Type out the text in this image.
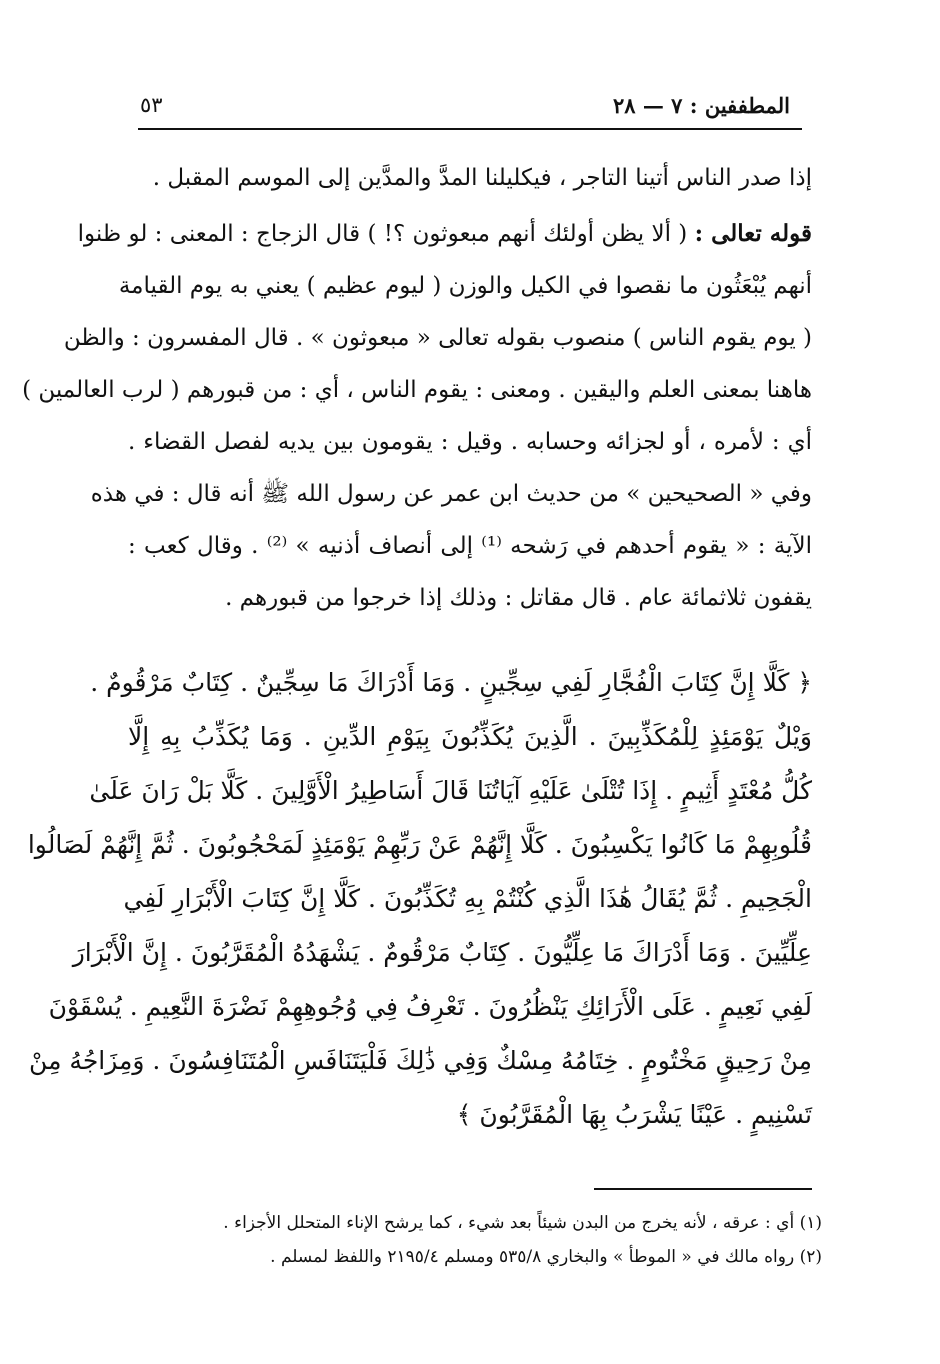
المطففين : ٧ — ٢٨
٥٣
إذا صدر الناس أتينا التاجر ، فيكليلنا المدَّ والمدَّين إلى الموسم المقبل .
قوله تعالى : ( ألا يظن أولئك أنهم مبعوثون ؟! ) قال الزجاج : المعنى : لو ظنوا
أنهم يُبْعَثُون ما نقصوا في الكيل والوزن ( ليوم عظيم ) يعني به يوم القيامة
( يوم يقوم الناس ) منصوب بقوله تعالى « مبعوثون » . قال المفسرون : والظن
هاهنا بمعنى العلم واليقين . ومعنى : يقوم الناس ، أي : من قبورهم ( لرب العالمين )
أي : لأمره ، أو لجزائه وحسابه . وقيل : يقومون بين يديه لفصل القضاء .
وفي « الصحيحين » من حديث ابن عمر عن رسول الله ﷺ أنه قال : في هذه
الآية : « يقوم أحدهم في رَشحه ⁽¹⁾ إلى أنصاف أذنيه » ⁽²⁾ . وقال كعب :
يقفون ثلاثمائة عام . قال مقاتل : وذلك إذا خرجوا من قبورهم .
﴿ كَلَّا إِنَّ كِتَابَ الْفُجَّارِ لَفِي سِجِّينٍ . وَمَا أَدْرَاكَ مَا سِجِّينٌ . كِتَابٌ مَرْقُومٌ .
وَيْلٌ يَوْمَئِذٍ لِلْمُكَذِّبِينَ . الَّذِينَ يُكَذِّبُونَ بِيَوْمِ الدِّينِ . وَمَا يُكَذِّبُ بِهِ إِلَّا
كُلُّ مُعْتَدٍ أَثِيمٍ . إِذَا تُتْلَىٰ عَلَيْهِ آيَاتُنَا قَالَ أَسَاطِيرُ الْأَوَّلِينَ . كَلَّا بَلْ رَانَ عَلَىٰ
قُلُوبِهِمْ مَا كَانُوا يَكْسِبُونَ . كَلَّا إِنَّهُمْ عَنْ رَبِّهِمْ يَوْمَئِذٍ لَمَحْجُوبُونَ . ثُمَّ إِنَّهُمْ لَصَالُوا
الْجَحِيمِ . ثُمَّ يُقَالُ هَٰذَا الَّذِي كُنْتُمْ بِهِ تُكَذِّبُونَ . كَلَّا إِنَّ كِتَابَ الْأَبْرَارِ لَفِي
عِلِّيِّينَ . وَمَا أَدْرَاكَ مَا عِلِّيُّونَ . كِتَابٌ مَرْقُومٌ . يَشْهَدُهُ الْمُقَرَّبُونَ . إِنَّ الْأَبْرَارَ
لَفِي نَعِيمٍ . عَلَى الْأَرَائِكِ يَنْظُرُونَ . تَعْرِفُ فِي وُجُوهِهِمْ نَضْرَةَ النَّعِيمِ . يُسْقَوْنَ
مِنْ رَحِيقٍ مَخْتُومٍ . خِتَامُهُ مِسْكٌ وَفِي ذَٰلِكَ فَلْيَتَنَافَسِ الْمُتَنَافِسُونَ . وَمِزَاجُهُ مِنْ
تَسْنِيمٍ . عَيْنًا يَشْرَبُ بِهَا الْمُقَرَّبُونَ ﴾
(١) أي : عرقه ، لأنه يخرج من البدن شيئاً بعد شيء ، كما يرشح الإناء المتحلل الأجزاء .
(٢) رواه مالك في « الموطأ » والبخاري ٥٣٥/٨ ومسلم ٢١٩٥/٤ واللفظ لمسلم .
